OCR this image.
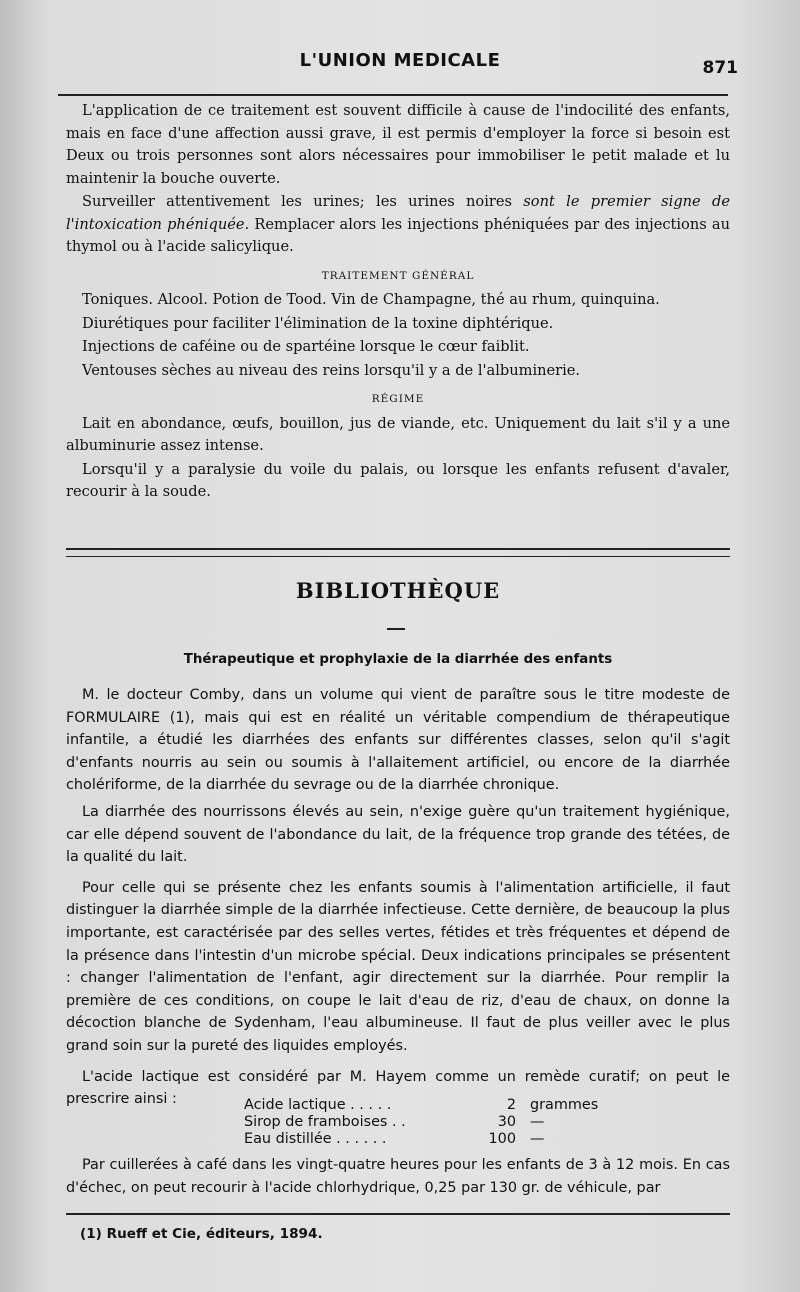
L'UNION MEDICALE	871

L'application de ce traitement est souvent difficile à cause de l'indocilité des enfants, mais en face d'une affection aussi grave, il est permis d'employer la force si besoin est Deux ou trois personnes sont alors nécessaires pour immobiliser le petit malade et lu maintenir la bouche ouverte.

Surveiller attentivement les urines; les urines noires sont le premier signe de l'intoxication phéniquée. Remplacer alors les injections phéniquées par des injections au thymol ou à l'acide salicylique.

TRAITEMENT GÉNÉRAL

Toniques. Alcool. Potion de Tood. Vin de Champagne, thé au rhum, quinquina.

Diurétiques pour faciliter l'élimination de la toxine diphtérique.

Injections de caféine ou de spartéine lorsque le cœur faiblit.

Ventouses sèches au niveau des reins lorsqu'il y a de l'albuminerie.

RÉGIME

Lait en abondance, œufs, bouillon, jus de viande, etc. Uniquement du lait s'il y a une albuminurie assez intense.

Lorsqu'il y a paralysie du voile du palais, ou lorsque les enfants refusent d'avaler, recourir à la soude.

BIBLIOTHÈQUE
Thérapeutique et prophylaxie de la diarrhée des enfants

M. le docteur Comby, dans un volume qui vient de paraître sous le titre modeste de FORMULAIRE (1), mais qui est en réalité un véritable compendium de thérapeutique infantile, a étudié les diarrhées des enfants sur différentes classes, selon qu'il s'agit d'enfants nourris au sein ou soumis à l'allaitement artificiel, ou encore de la diarrhée cholériforme, de la diarrhée du sevrage ou de la diarrhée chronique.

La diarrhée des nourrissons élevés au sein, n'exige guère qu'un traitement hygiénique, car elle dépend souvent de l'abondance du lait, de la fréquence trop grande des tétées, de la qualité du lait.

Pour celle qui se présente chez les enfants soumis à l'alimentation artificielle, il faut distinguer la diarrhée simple de la diarrhée infectieuse. Cette dernière, de beaucoup la plus importante, est caractérisée par des selles vertes, fétides et très fréquentes et dépend de la présence dans l'intestin d'un microbe spécial. Deux indications principales se présentent : changer l'alimentation de l'enfant, agir directement sur la diarrhée. Pour remplir la première de ces conditions, on coupe le lait d'eau de riz, d'eau de chaux, on donne la décoction blanche de Sydenham, l'eau albumineuse. Il faut de plus veiller avec le plus grand soin sur la pureté des liquides employés.

L'acide lactique est considéré par M. Hayem comme un remède curatif; on peut le prescrire ainsi :	Acide lactique . . . . .	2 grammes
Sirop de framboises . .	30 —
Eau distillée . . . . . .	100 —

Par cuillerées à café dans les vingt-quatre heures pour les enfants de 3 à 12 mois. En cas d'échec, on peut recourir à l'acide chlorhydrique, 0,25 par 130 gr. de véhicule, par

(1) Rueff et Cie, éditeurs, 1894.
